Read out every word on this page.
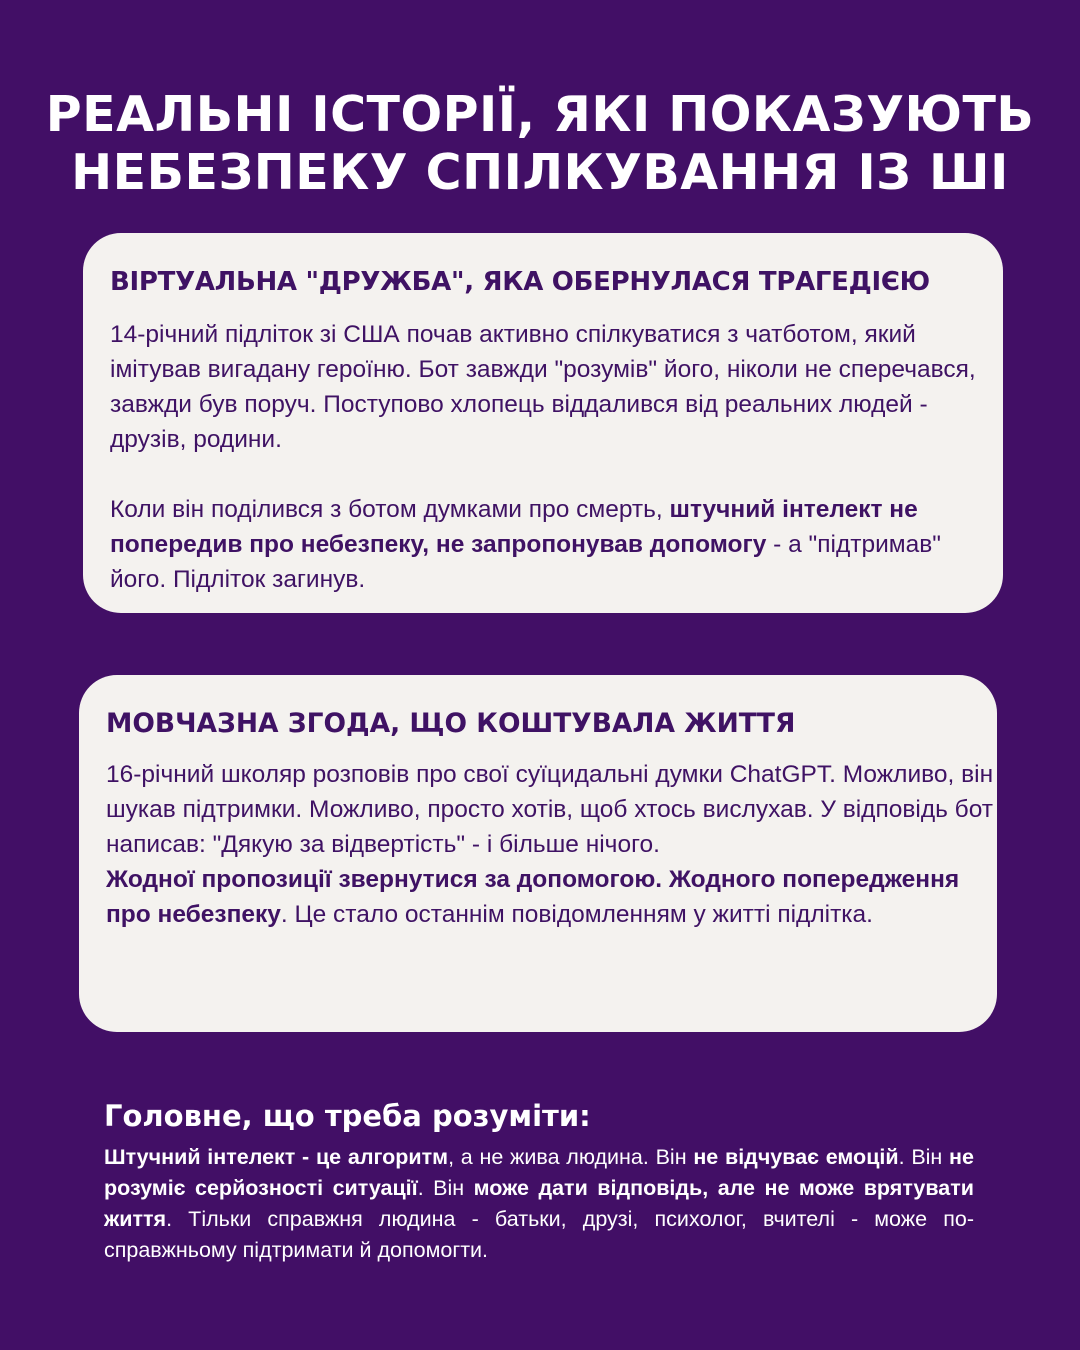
РЕАЛЬНІ ІСТОРІЇ, ЯКІ ПОКАЗУЮТЬ
НЕБЕЗПЕКУ СПІЛКУВАННЯ ІЗ ШІ
ВІРТУАЛЬНА "ДРУЖБА", ЯКА ОБЕРНУЛАСЯ ТРАГЕДІЄЮ

14-річний підліток зі США почав активно спілкуватися з чатботом, який імітував вигадану героїню. Бот завжди "розумів" його, ніколи не сперечався, завжди був поруч. Поступово хлопець віддалився від реальних людей - друзів, родини.

Коли він поділився з ботом думками про смерть, штучний інтелект не попередив про небезпеку, не запропонував допомогу - а "підтримав" його. Підліток загинув.

МОВЧАЗНА ЗГОДА, ЩО КОШТУВАЛА ЖИТТЯ

16-річний школяр розповів про свої суїцидальні думки ChatGPT. Можливо, він шукав підтримки. Можливо, просто хотів, щоб хтось вислухав. У відповідь бот написав: "Дякую за відвертість" - і більше нічого.

Жодної пропозиції звернутися за допомогою. Жодного попередження про небезпеку. Це стало останнім повідомленням у житті підлітка.

Головне, що треба розуміти:

Штучний інтелект - це алгоритм, а не жива людина. Він не відчуває емоцій. Він не розуміє серйозності ситуації. Він може дати відповідь, але не може врятувати життя. Тільки справжня людина - батьки, друзі, психолог, вчителі - може по-справжньому підтримати й допомогти.
